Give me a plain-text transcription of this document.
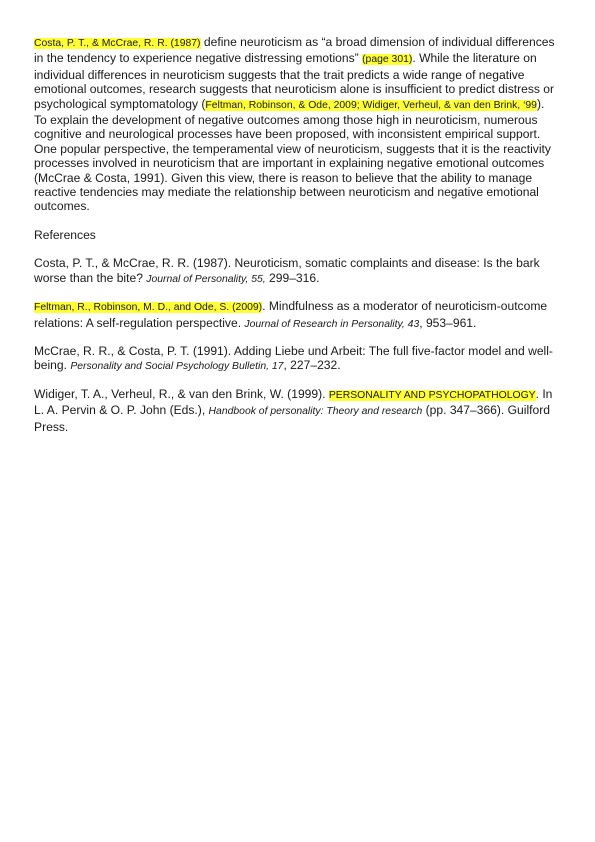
Costa, P. T., & McCrae, R. R. (1987) define neuroticism as “a broad dimension of individual differences in the tendency to experience negative distressing emotions” (page 301). While the literature on individual differences in neuroticism suggests that the trait predicts a wide range of negative emotional outcomes, research suggests that neuroticism alone is insufficient to predict distress or psychological symptomatology (Feltman, Robinson, & Ode, 2009; Widiger, Verheul, & van den Brink, ‘99). To explain the development of negative outcomes among those high in neuroticism, numerous cognitive and neurological processes have been proposed, with inconsistent empirical support. One popular perspective, the temperamental view of neuroticism, suggests that it is the reactivity processes involved in neuroticism that are important in explaining negative emotional outcomes (McCrae & Costa, 1991). Given this view, there is reason to believe that the ability to manage reactive tendencies may mediate the relationship between neuroticism and negative emotional outcomes.

References

Costa, P. T., & McCrae, R. R. (1987). Neuroticism, somatic complaints and disease: Is the bark worse than the bite? Journal of Personality, 55, 299–316.

Feltman, R., Robinson, M. D., and Ode, S. (2009). Mindfulness as a moderator of neuroticism-outcome relations: A self-regulation perspective. Journal of Research in Personality, 43, 953–961.

McCrae, R. R., & Costa, P. T. (1991). Adding Liebe und Arbeit: The full five-factor model and well-being. Personality and Social Psychology Bulletin, 17, 227–232.

Widiger, T. A., Verheul, R., & van den Brink, W. (1999). PERSONALITY AND PSYCHOPATHOLOGY. In L. A. Pervin & O. P. John (Eds.), Handbook of personality: Theory and research (pp. 347–366). Guilford Press.
